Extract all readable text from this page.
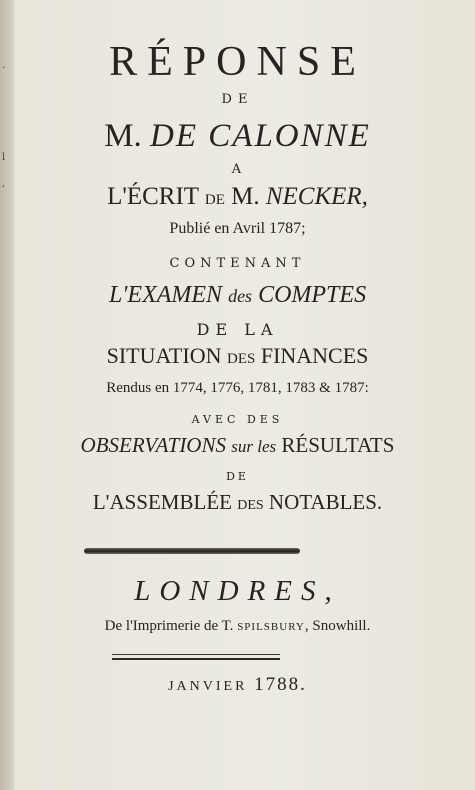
.
l
,
RÉPONSE
DE
M. DE CALONNE
A
L'ÉCRIT DE M. NECKER,
Publié en Avril 1787;
CONTENANT
L'EXAMEN des COMPTES
DE LA
SITUATION DES FINANCES
Rendus en 1774, 1776, 1781, 1783 & 1787:
AVEC DES
OBSERVATIONS sur les RÉSULTATS
DE
L'ASSEMBLÉE DES NOTABLES.
LONDRES,
De l'Imprimerie de T. SPILSBURY, Snowhill.
JANVIER 1788.
